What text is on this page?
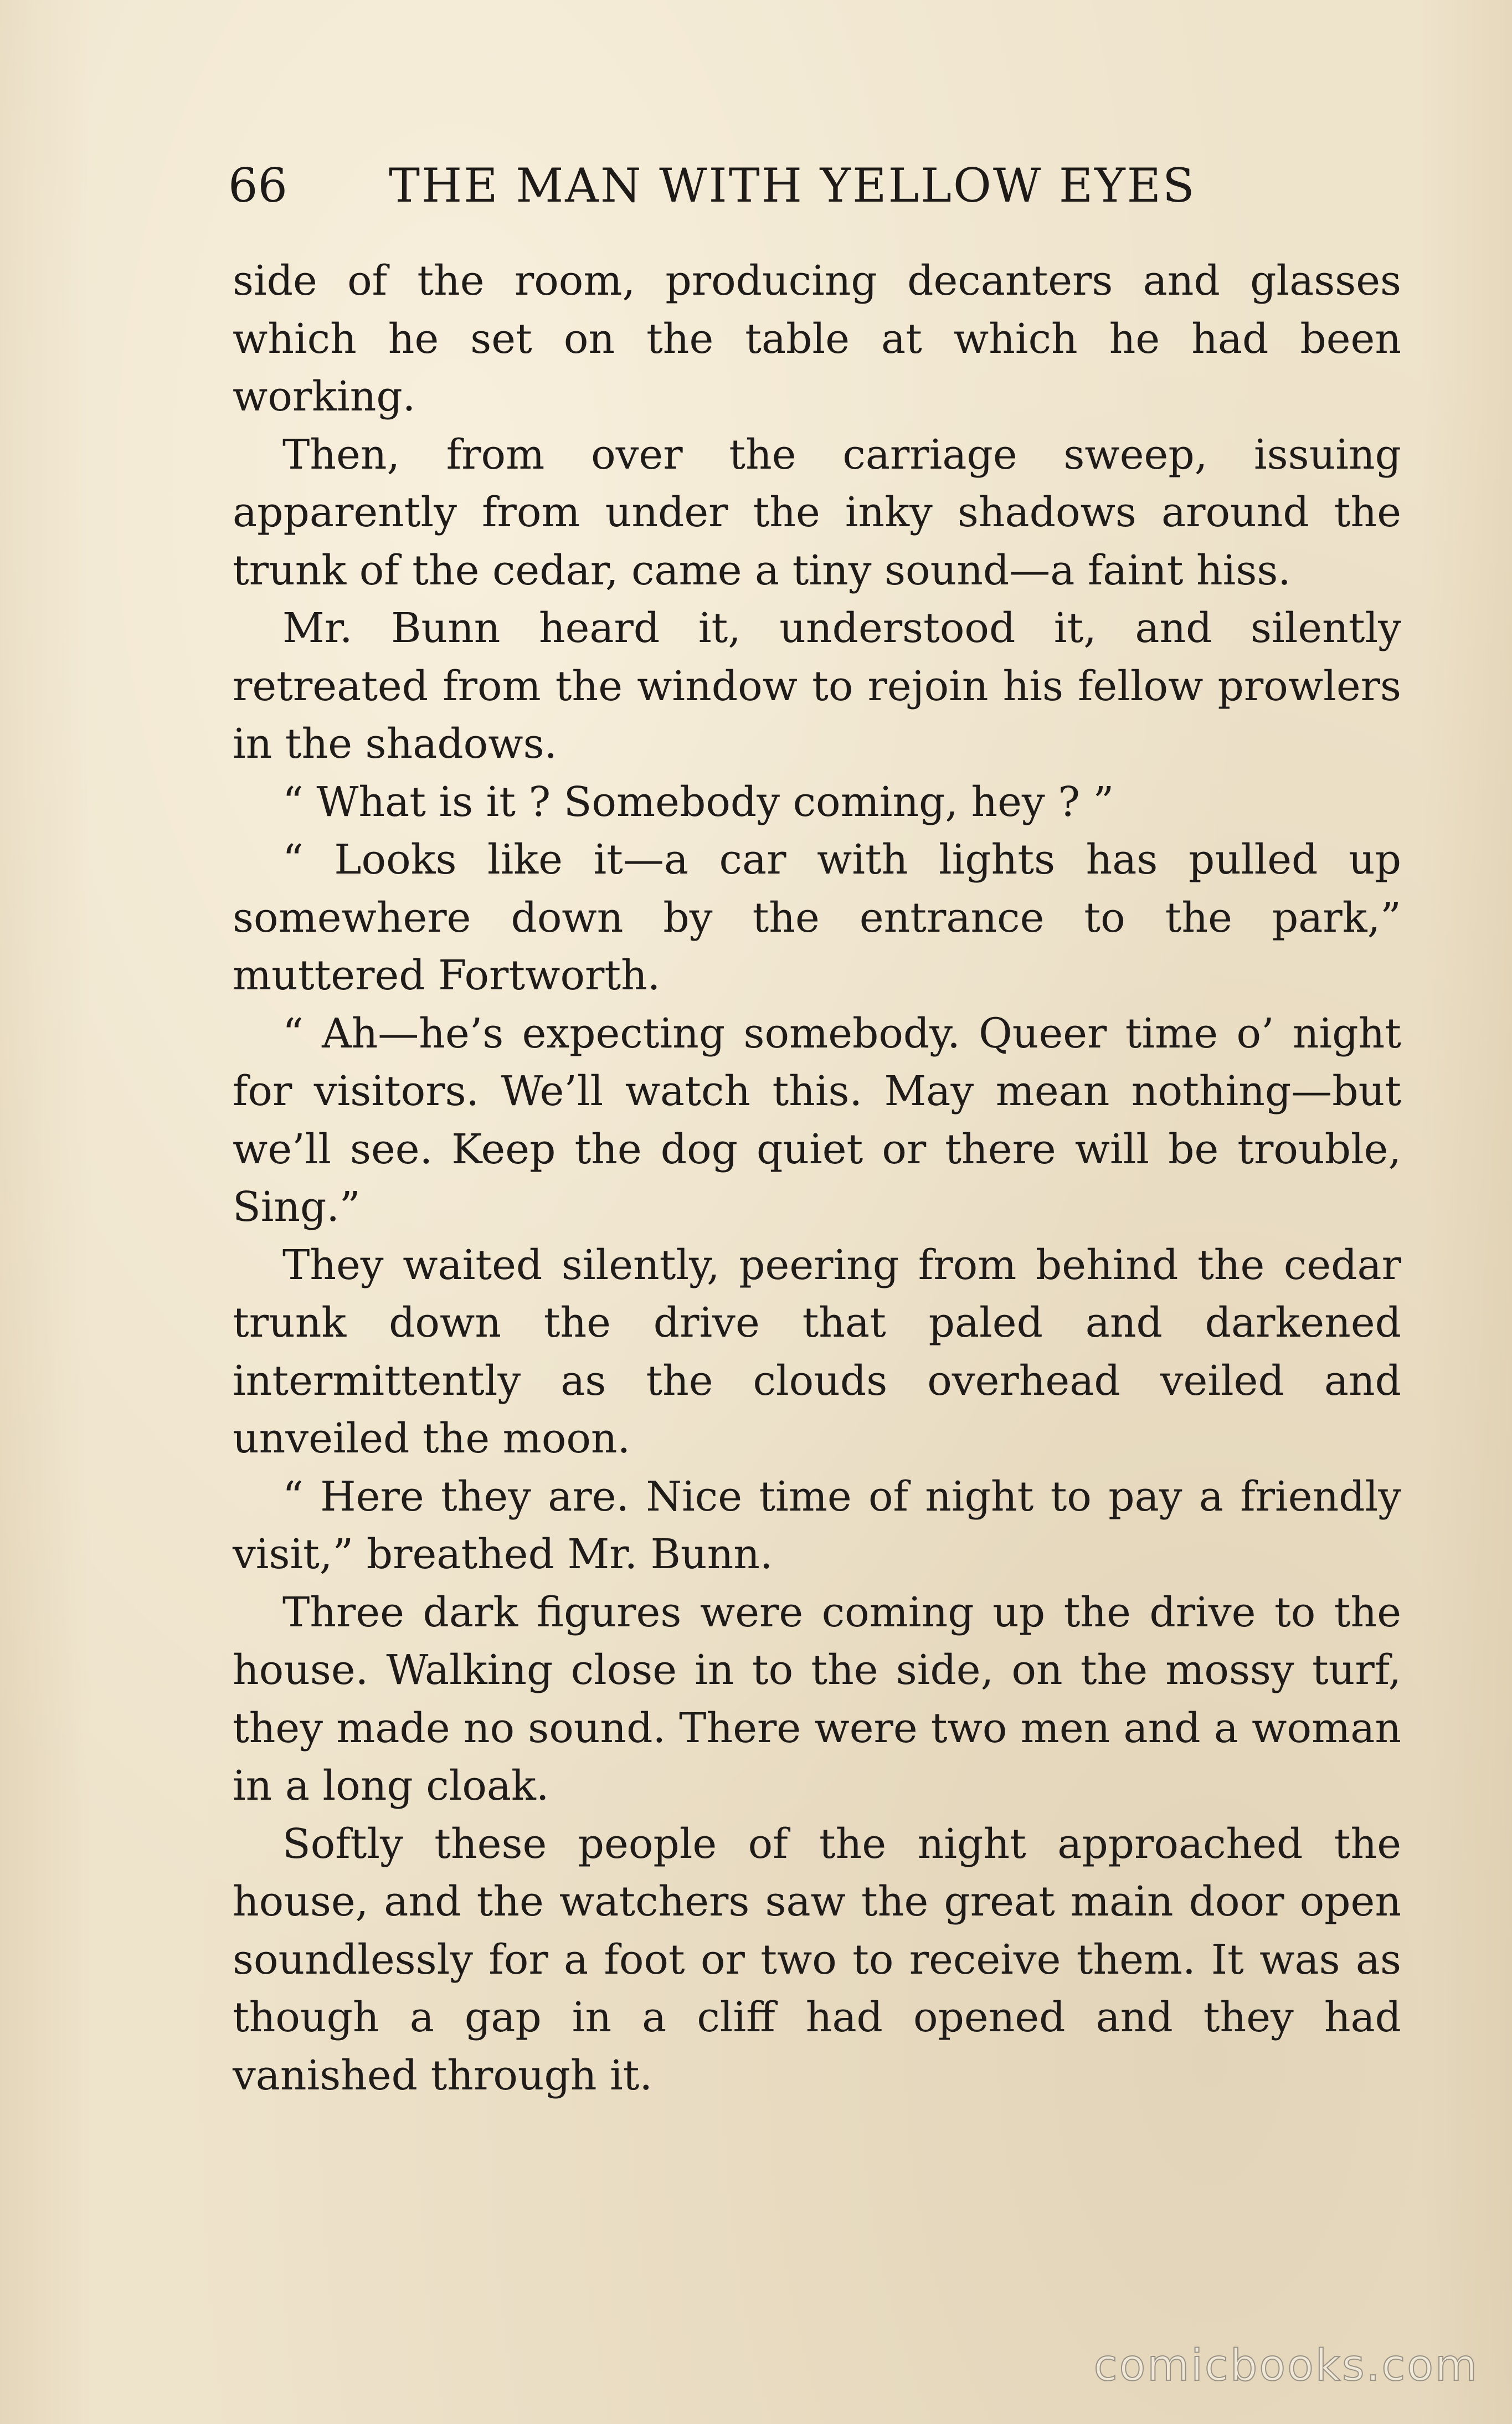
66 THE MAN WITH YELLOW EYES

side of the room, producing decanters and glasses which he set on the table at which he had been working.

Then, from over the carriage sweep, issuing apparently from under the inky shadows around the trunk of the cedar, came a tiny sound—a faint hiss.

Mr. Bunn heard it, understood it, and silently retreated from the window to rejoin his fellow prowlers in the shadows.

“ What is it ? Somebody coming, hey ? ”

“ Looks like it—a car with lights has pulled up somewhere down by the entrance to the park,” muttered Fortworth.

“ Ah—he’s expecting somebody. Queer time o’ night for visitors. We’ll watch this. May mean nothing—but we’ll see. Keep the dog quiet or there will be trouble, Sing.”

They waited silently, peering from behind the cedar trunk down the drive that paled and darkened intermittently as the clouds overhead veiled and unveiled the moon.

“ Here they are. Nice time of night to pay a friendly visit,” breathed Mr. Bunn.

Three dark figures were coming up the drive to the house. Walking close in to the side, on the mossy turf, they made no sound. There were two men and a woman in a long cloak.

Softly these people of the night approached the house, and the watchers saw the great main door open soundlessly for a foot or two to receive them. It was as though a gap in a cliff had opened and they had vanished through it.

comicbooks.com
